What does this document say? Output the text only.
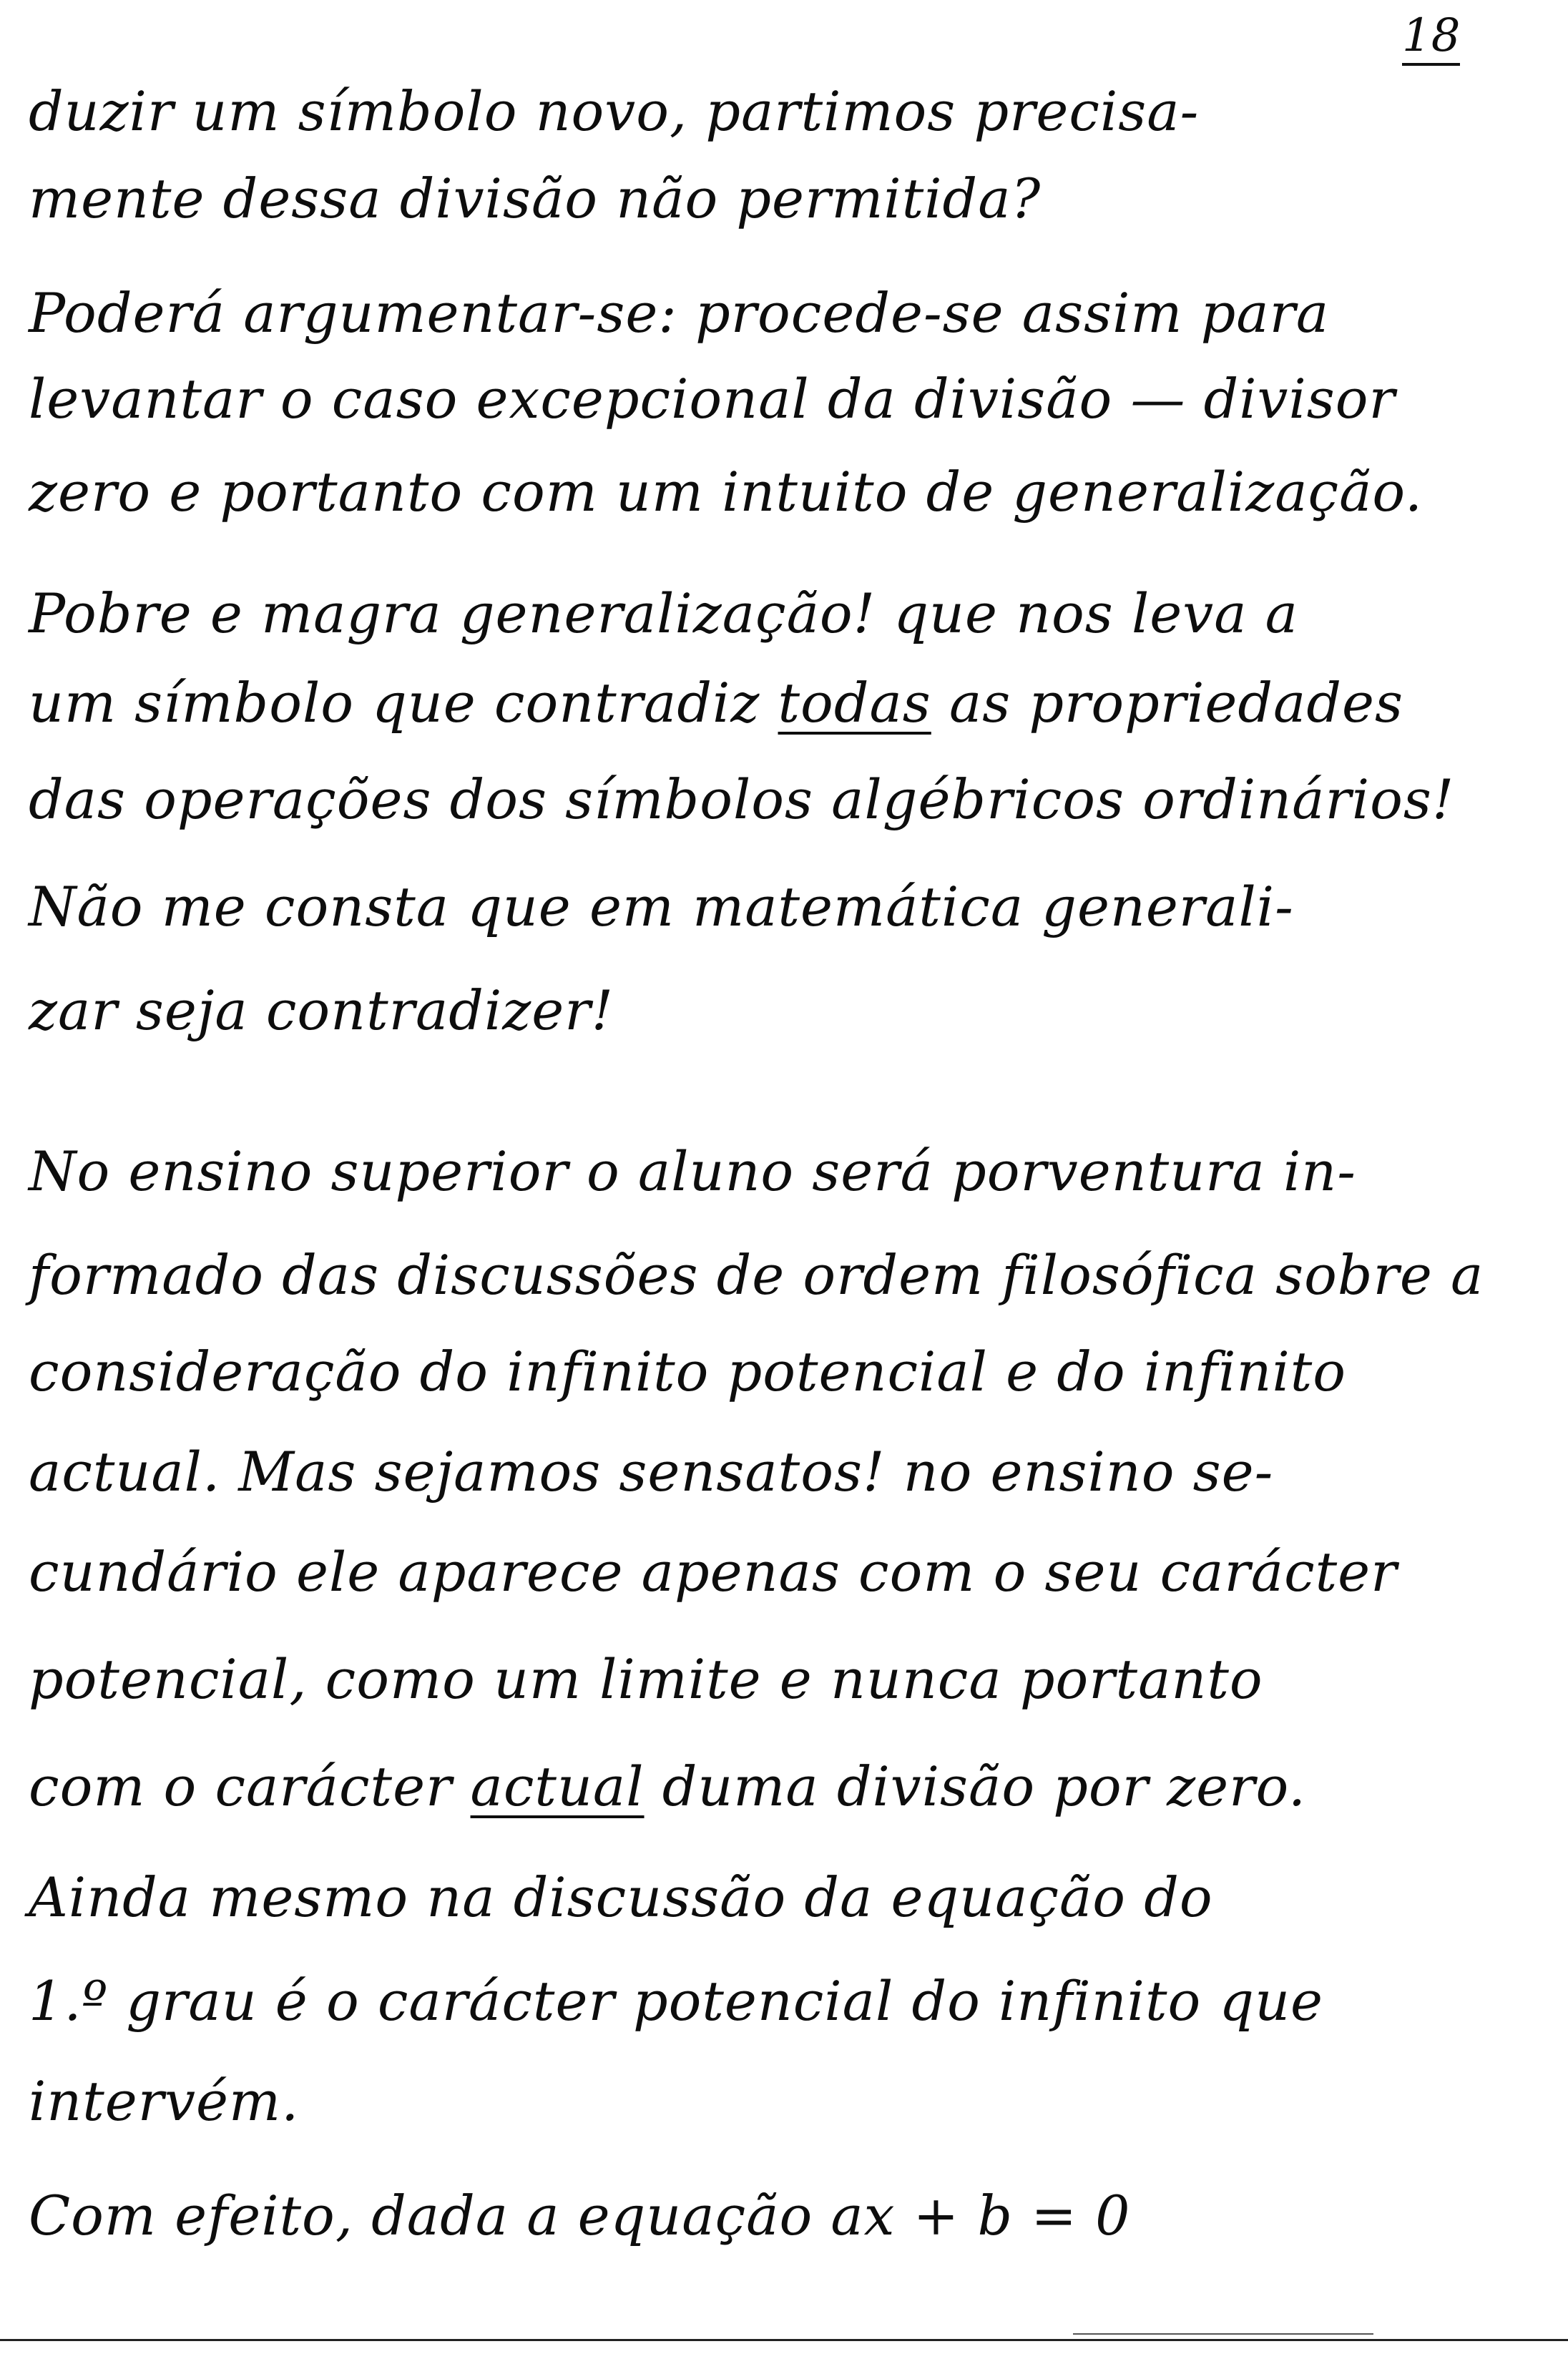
18
duzir um símbolo novo, partimos precisa-
mente dessa divisão não permitida?
Poderá argumentar-se: procede-se assim para
levantar o caso excepcional da divisão — divisor
zero e portanto com um intuito de generalização.
Pobre e magra generalização! que nos leva a
um símbolo que contradiz todas as propriedades
das operações dos símbolos algébricos ordinários!
Não me consta que em matemática generali-
zar seja contradizer!
No ensino superior o aluno será porventura in-
formado das discussões de ordem filosófica sobre a
consideração do infinito potencial e do infinito
actual. Mas sejamos sensatos! no ensino se-
cundário ele aparece apenas com o seu carácter
potencial, como um limite e nunca portanto
com o carácter actual duma divisão por zero.
Ainda mesmo na discussão da equação do
1.º grau é o carácter potencial do infinito que
intervém.
Com efeito, dada a equação ax + b = 0
